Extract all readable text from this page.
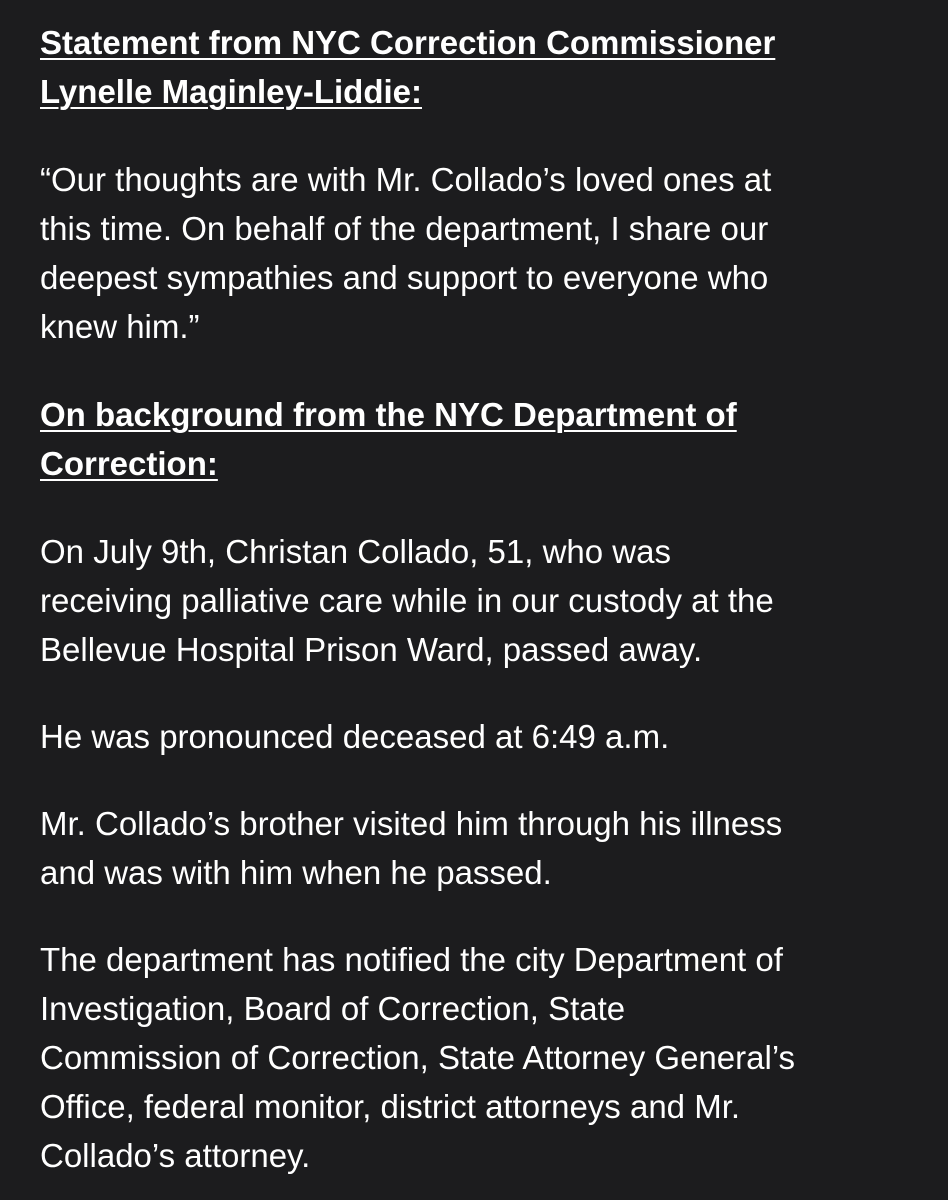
Statement from NYC Correction Commissioner
Lynelle Maginley-Liddie:

“Our thoughts are with Mr. Collado’s loved ones at
this time. On behalf of the department, I share our
deepest sympathies and support to everyone who
knew him.”

On background from the NYC Department of
Correction:

On July 9th, Christan Collado, 51, who was
receiving palliative care while in our custody at the
Bellevue Hospital Prison Ward, passed away.

He was pronounced deceased at 6:49 a.m.

Mr. Collado’s brother visited him through his illness
and was with him when he passed.

The department has notified the city Department of
Investigation, Board of Correction, State
Commission of Correction, State Attorney General’s
Office, federal monitor, district attorneys and Mr.
Collado’s attorney.
